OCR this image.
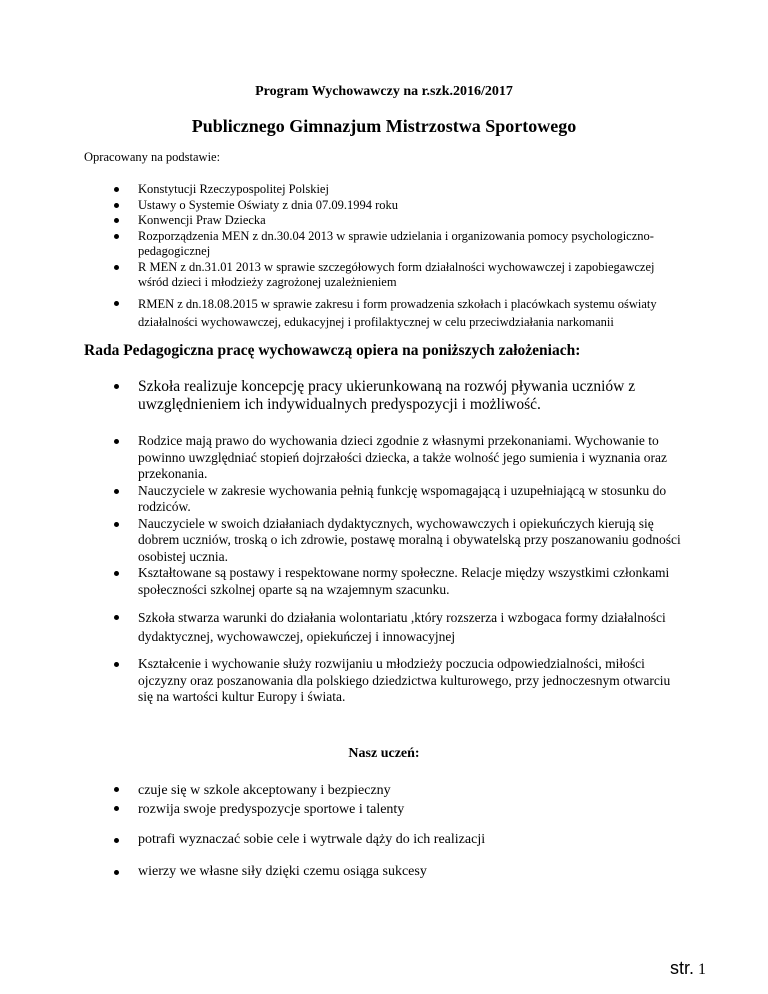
Program Wychowawczy na r.szk.2016/2017
Publicznego Gimnazjum Mistrzostwa Sportowego
Opracowany na podstawie:
Konstytucji Rzeczypospolitej Polskiej
Ustawy o Systemie Oświaty z dnia 07.09.1994 roku
Konwencji Praw Dziecka
Rozporządzenia MEN z dn.30.04 2013 w sprawie udzielania i organizowania pomocy psychologiczno-pedagogicznej
R MEN z dn.31.01 2013 w sprawie szczegółowych form działalności wychowawczej i zapobiegawczej wśród dzieci i młodzieży zagrożonej uzależnieniem
RMEN z dn.18.08.2015 w sprawie zakresu i form prowadzenia szkołach i placówkach systemu oświaty działalności wychowawczej, edukacyjnej i profilaktycznej w celu przeciwdziałania narkomanii
Rada Pedagogiczna pracę wychowawczą opiera na poniższych założeniach:
Szkoła realizuje koncepcję pracy ukierunkowaną na rozwój pływania uczniów z uwzględnieniem ich indywidualnych predyspozycji i możliwość.
Rodzice mają prawo do wychowania dzieci zgodnie z własnymi przekonaniami. Wychowanie to powinno uwzględniać stopień dojrzałości dziecka, a także wolność jego sumienia i wyznania oraz przekonania.
Nauczyciele w zakresie wychowania pełnią funkcję wspomagającą i uzupełniającą w stosunku do rodziców.
Nauczyciele w swoich działaniach dydaktycznych, wychowawczych i opiekuńczych kierują się dobrem uczniów, troską o ich zdrowie, postawę moralną i obywatelską przy poszanowaniu godności osobistej ucznia.
Kształtowane są postawy i respektowane normy społeczne. Relacje między wszystkimi członkami społeczności szkolnej oparte są na wzajemnym szacunku.
Szkoła stwarza warunki do działania wolontariatu ,który rozszerza i wzbogaca formy działalności dydaktycznej, wychowawczej, opiekuńczej i innowacyjnej
Kształcenie i wychowanie służy rozwijaniu u młodzieży poczucia odpowiedzialności, miłości ojczyzny oraz poszanowania dla polskiego dziedzictwa kulturowego, przy jednoczesnym otwarciu się na wartości kultur Europy i świata.
Nasz uczeń:
czuje się w szkole akceptowany i bezpieczny
rozwija swoje predyspozycje sportowe i talenty
potrafi wyznaczać sobie cele i wytrwale dąży do ich realizacji
wierzy we własne siły dzięki czemu osiąga sukcesy
str. 1
